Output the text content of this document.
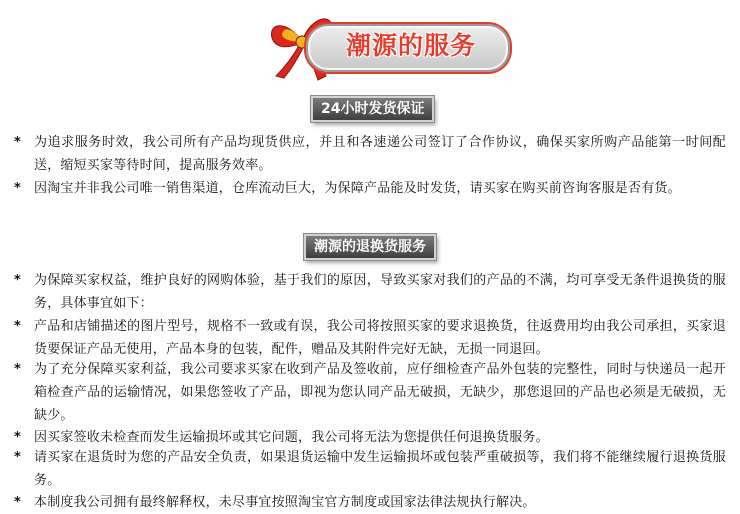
潮源的服务
24小时发货保证
*	为追求服务时效，我公司所有产品均现货供应，并且和各速递公司签订了合作协议，确保买家所购产品能第一时间配送，缩短买家等待时间，提高服务效率。
*	因淘宝并非我公司唯一销售渠道，仓库流动巨大，为保障产品能及时发货，请买家在购买前咨询客服是否有货。
潮源的退换货服务
*	为保障买家权益，维护良好的网购体验，基于我们的原因，导致买家对我们的产品的不满，均可享受无条件退换货的服务，具体事宜如下：
*	产品和店铺描述的图片型号，规格不一致或有误，我公司将按照买家的要求退换货，往返费用均由我公司承担，买家退货要保证产品无使用，产品本身的包装，配件，赠品及其附件完好无缺，无损一同退回。
*	为了充分保障买家利益，我公司要求买家在收到产品及签收前，应仔细检查产品外包装的完整性，同时与快递员一起开箱检查产品的运输情况，如果您签收了产品，即视为您认同产品无破损，无缺少，那您退回的产品也必须是无破损，无缺少。
*	因买家签收未检查而发生运输损坏或其它问题，我公司将无法为您提供任何退换货服务。
*	请买家在退货时为您的产品安全负责，如果退货运输中发生运输损坏或包装严重破损等，我们将不能继续履行退换货服务。
*	本制度我公司拥有最终解释权，未尽事宜按照淘宝官方制度或国家法律法规执行解决。
